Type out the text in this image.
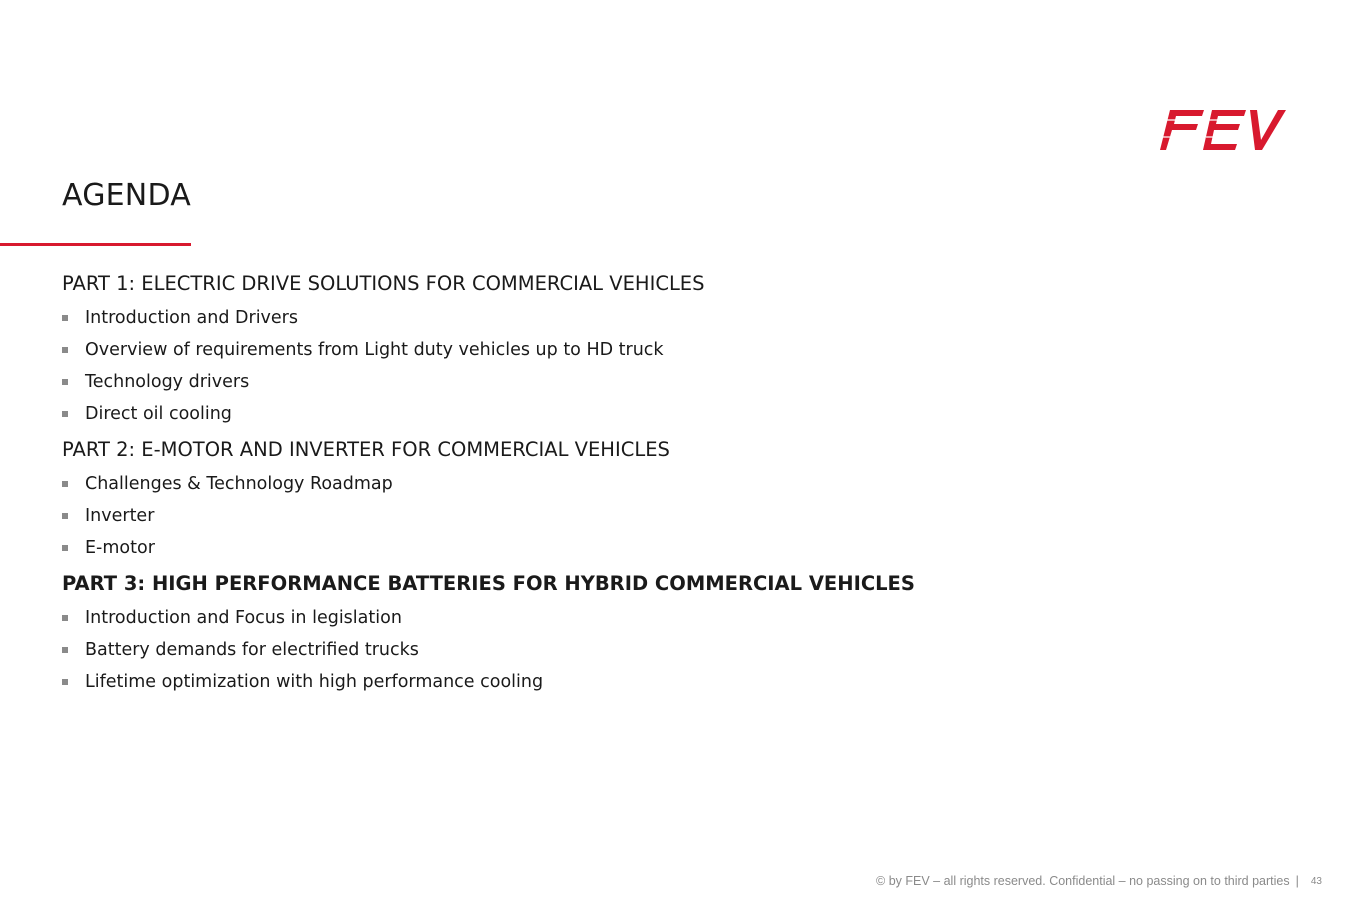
AGENDA
PART 1: ELECTRIC DRIVE SOLUTIONS FOR COMMERCIAL VEHICLES
Introduction and Drivers
Overview of requirements from Light duty vehicles up to HD truck
Technology drivers
Direct oil cooling
PART 2: E-MOTOR AND INVERTER FOR COMMERCIAL VEHICLES
Challenges & Technology Roadmap
Inverter
E-motor
PART 3: HIGH PERFORMANCE BATTERIES FOR HYBRID COMMERCIAL VEHICLES
Introduction and Focus in legislation
Battery demands for electrified trucks
Lifetime optimization with high performance cooling
© by FEV – all rights reserved. Confidential – no passing on to third parties | 43
